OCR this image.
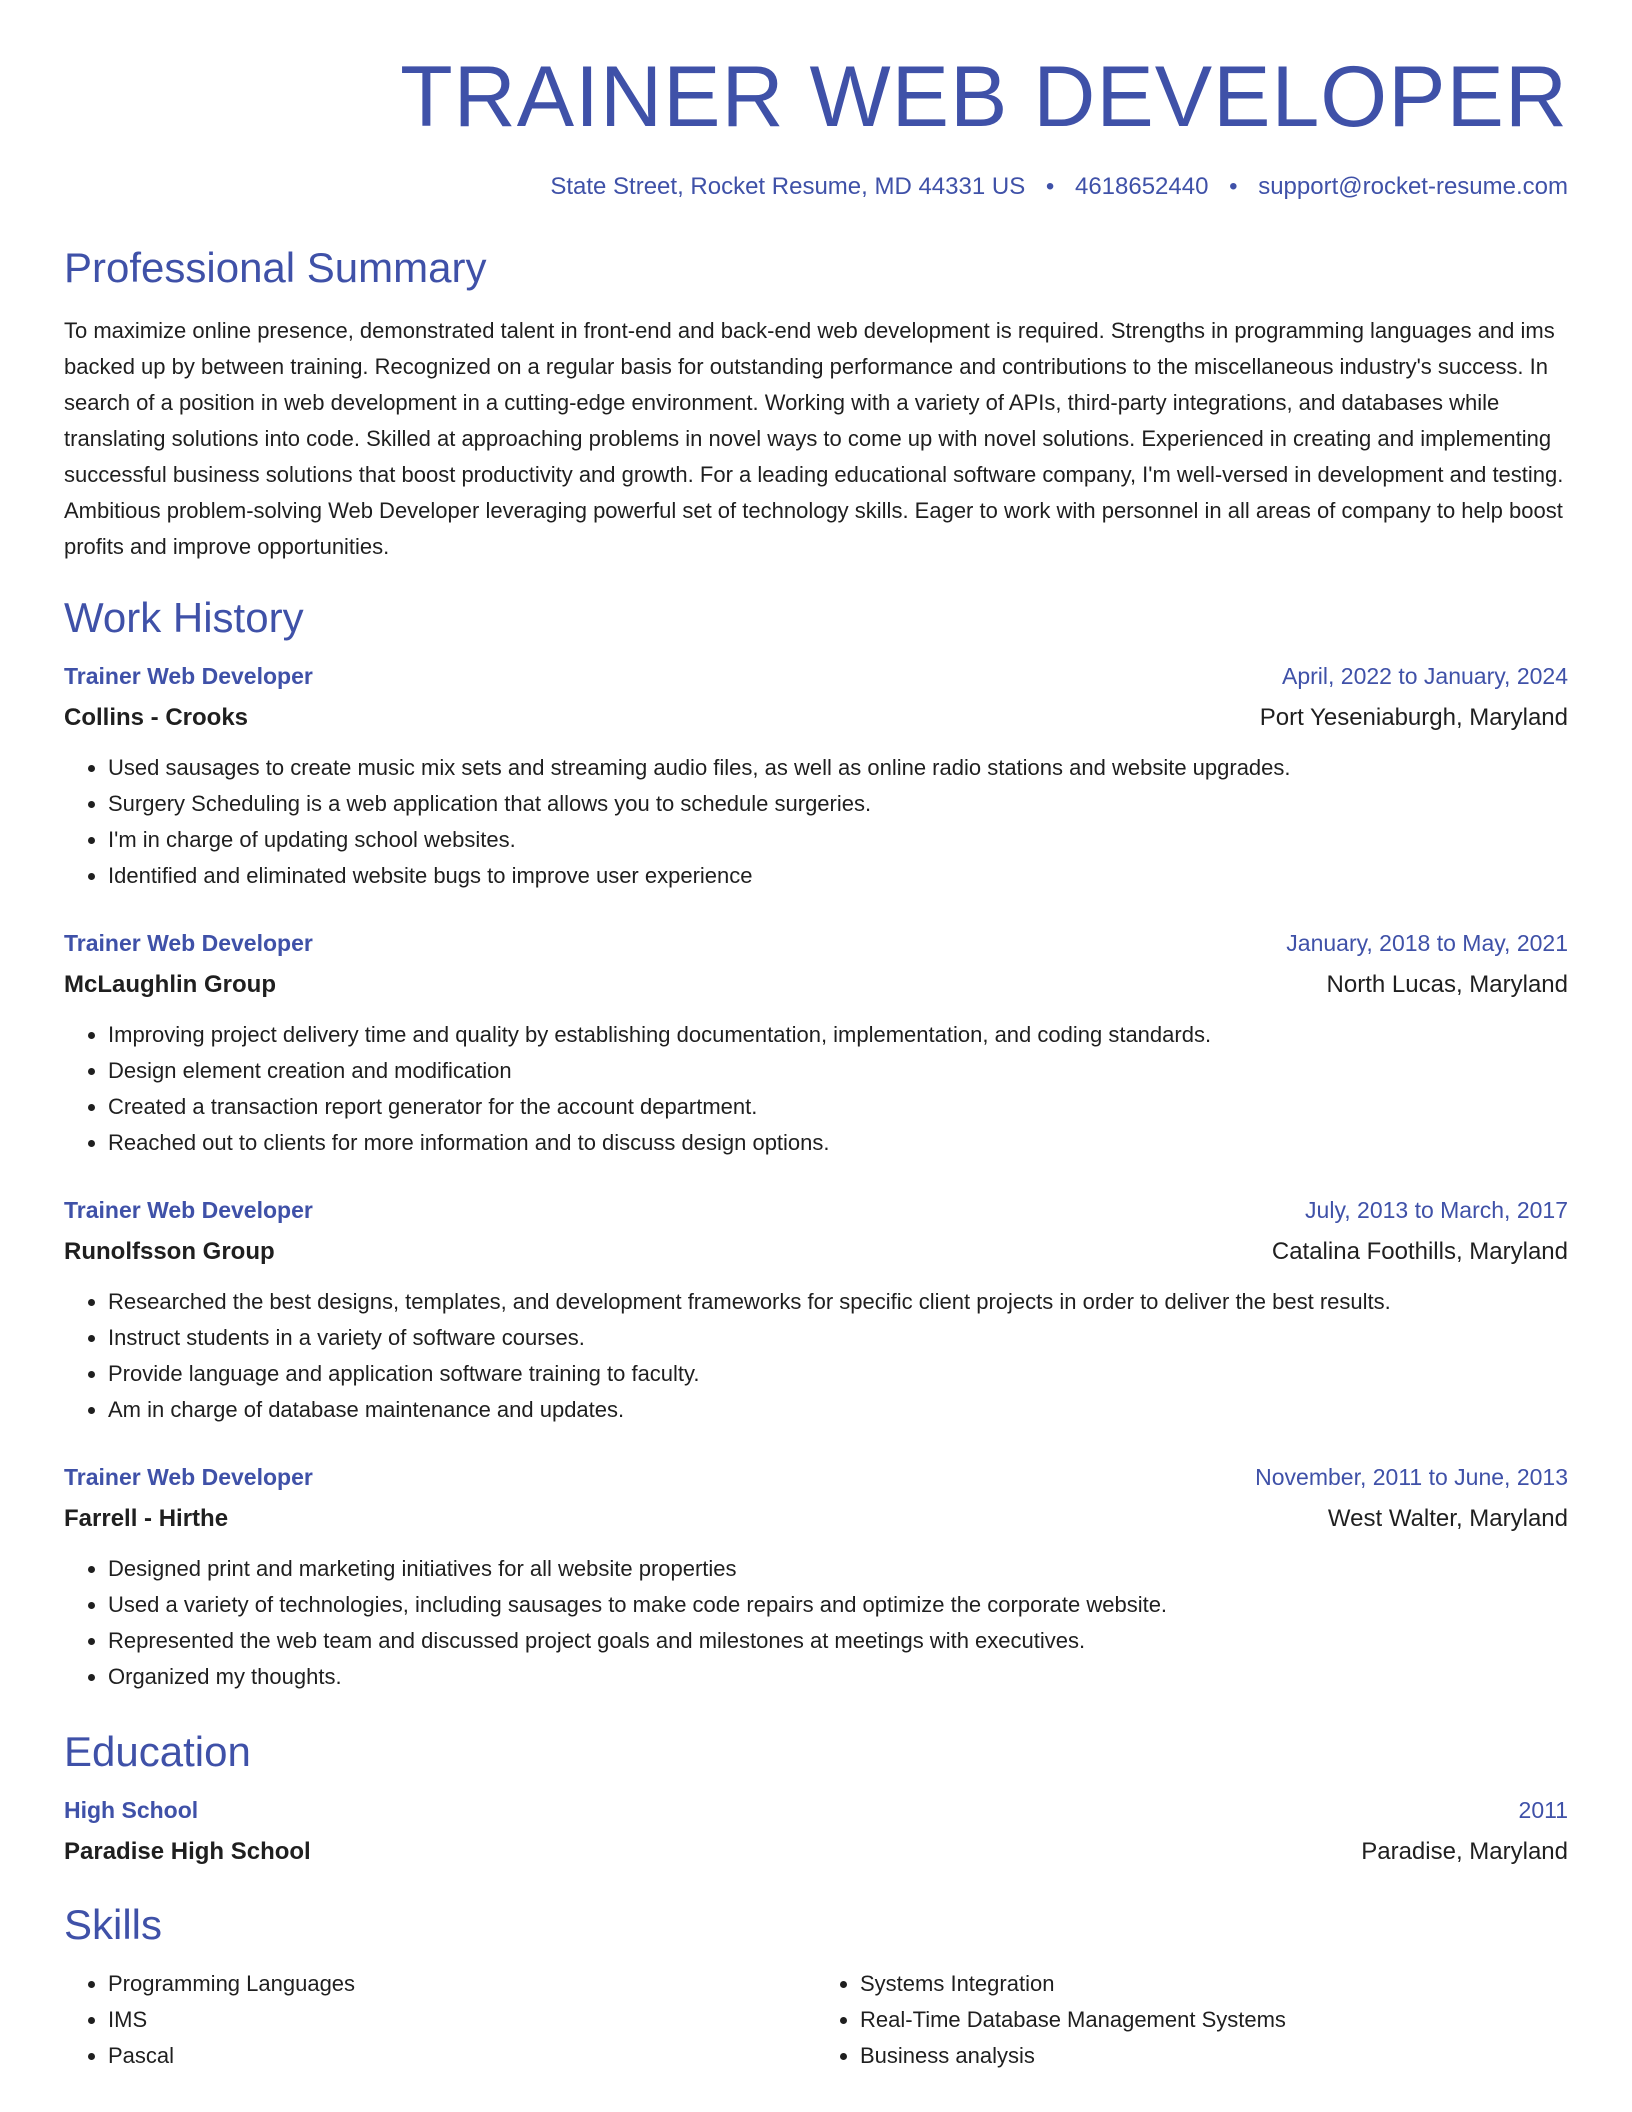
TRAINER WEB DEVELOPER
State Street, Rocket Resume, MD 44331 US • 4618652440 • support@rocket-resume.com
Professional Summary

To maximize online presence, demonstrated talent in front-end and back-end web development is required. Strengths in programming languages and ims backed up by between training. Recognized on a regular basis for outstanding performance and contributions to the miscellaneous industry's success. In search of a position in web development in a cutting-edge environment. Working with a variety of APIs, third-party integrations, and databases while translating solutions into code. Skilled at approaching problems in novel ways to come up with novel solutions. Experienced in creating and implementing successful business solutions that boost productivity and growth. For a leading educational software company, I'm well-versed in development and testing. Ambitious problem-solving Web Developer leveraging powerful set of technology skills. Eager to work with personnel in all areas of company to help boost profits and improve opportunities.

Work History
Trainer Web Developer	April, 2022 to January, 2024
Collins - Crooks	Port Yeseniaburgh, Maryland
• Used sausages to create music mix sets and streaming audio files, as well as online radio stations and website upgrades.
• Surgery Scheduling is a web application that allows you to schedule surgeries.
• I'm in charge of updating school websites.
• Identified and eliminated website bugs to improve user experience
Trainer Web Developer	January, 2018 to May, 2021
McLaughlin Group	North Lucas, Maryland
• Improving project delivery time and quality by establishing documentation, implementation, and coding standards.
• Design element creation and modification
• Created a transaction report generator for the account department.
• Reached out to clients for more information and to discuss design options.
Trainer Web Developer	July, 2013 to March, 2017
Runolfsson Group	Catalina Foothills, Maryland
• Researched the best designs, templates, and development frameworks for specific client projects in order to deliver the best results.
• Instruct students in a variety of software courses.
• Provide language and application software training to faculty.
• Am in charge of database maintenance and updates.
Trainer Web Developer	November, 2011 to June, 2013
Farrell - Hirthe	West Walter, Maryland
• Designed print and marketing initiatives for all website properties
• Used a variety of technologies, including sausages to make code repairs and optimize the corporate website.
• Represented the web team and discussed project goals and milestones at meetings with executives.
• Organized my thoughts.
Education
High School	2011
Paradise High School	Paradise, Maryland
Skills
• Programming Languages
• IMS
• Pascal
• Systems Integration
• Real-Time Database Management Systems
• Business analysis
